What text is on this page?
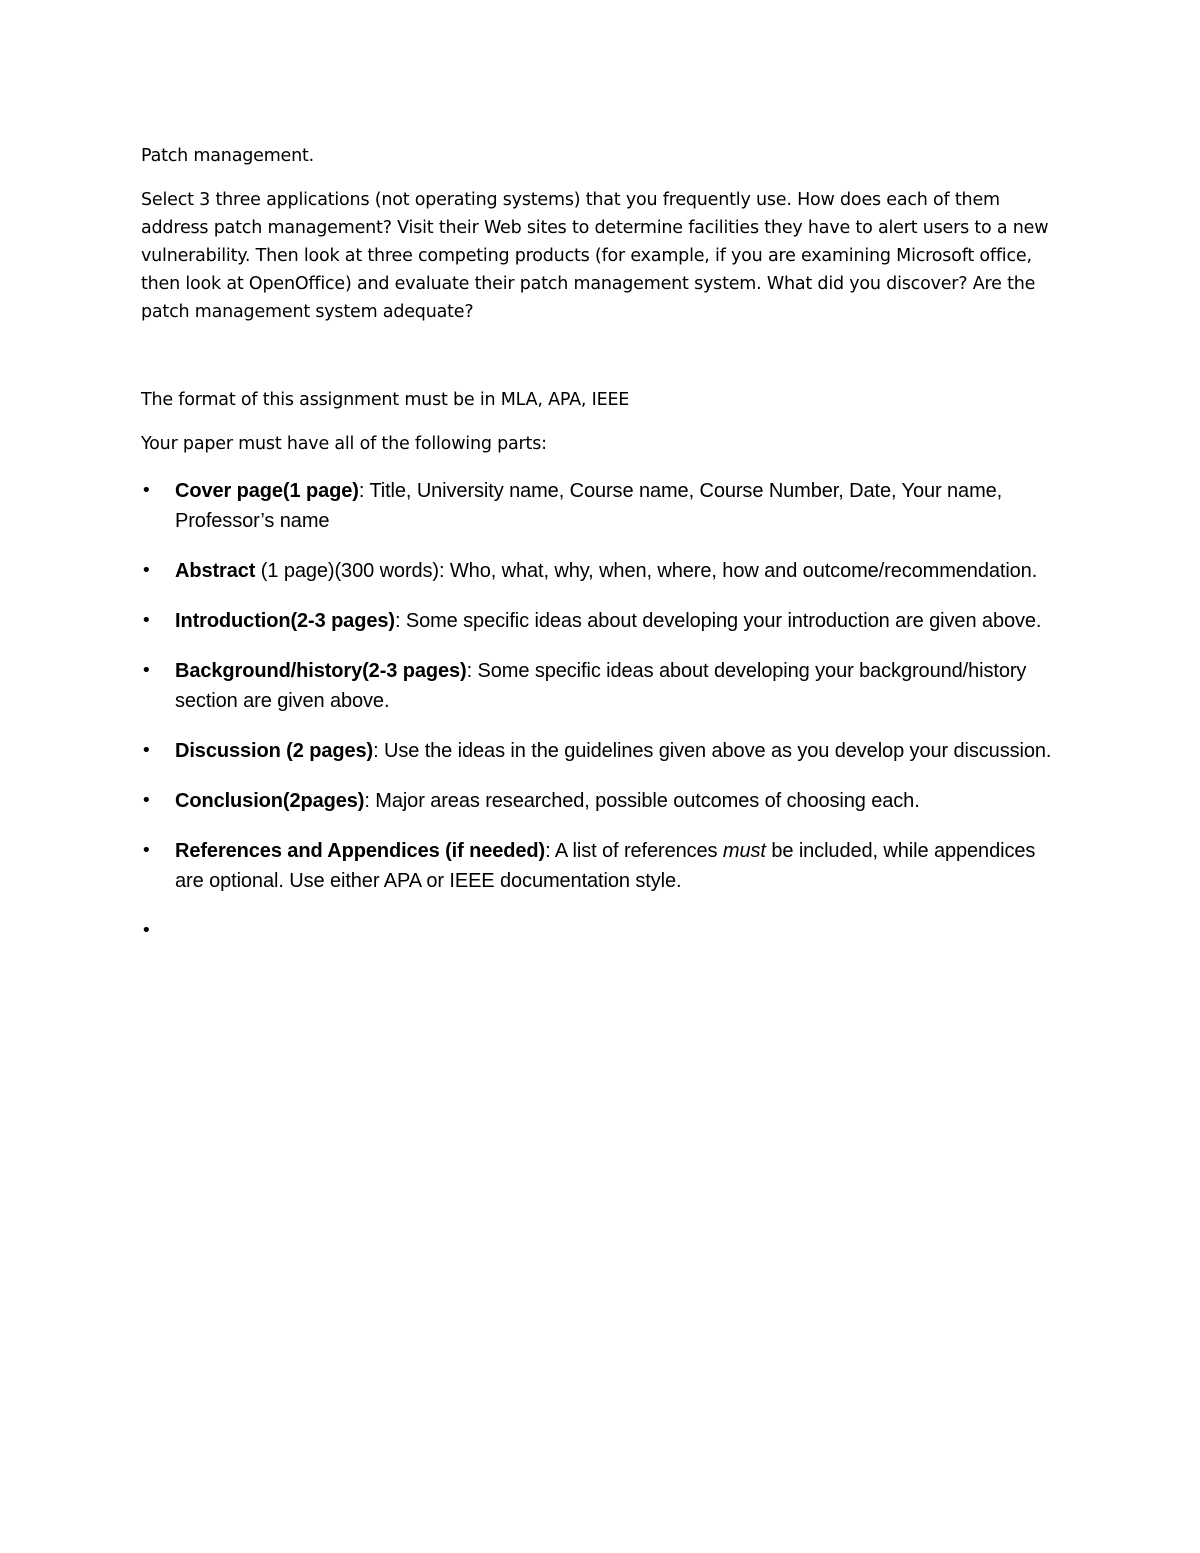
Patch management.

Select 3 three applications (not operating systems) that you frequently use. How does each of them address patch management? Visit their Web sites to determine facilities they have to alert users to a new vulnerability. Then look at three competing products (for example, if you are examining Microsoft office, then look at OpenOffice) and evaluate their patch management system. What did you discover? Are the patch management system adequate?

The format of this assignment must be in MLA, APA, IEEE

Your paper must have all of the following parts:

•	Cover page(1 page): Title, University name, Course name, Course Number, Date, Your name, Professor’s name
•	Abstract (1 page)(300 words): Who, what, why, when, where, how and outcome/recommendation.
•	Introduction(2-3 pages): Some specific ideas about developing your introduction are given above.
•	Background/history(2-3 pages): Some specific ideas about developing your background/history section are given above.
•	Discussion (2 pages): Use the ideas in the guidelines given above as you develop your discussion.
•	Conclusion(2pages): Major areas researched, possible outcomes of choosing each.
•	References and Appendices (if needed): A list of references must be included, while appendices are optional. Use either APA or IEEE documentation style.
•
